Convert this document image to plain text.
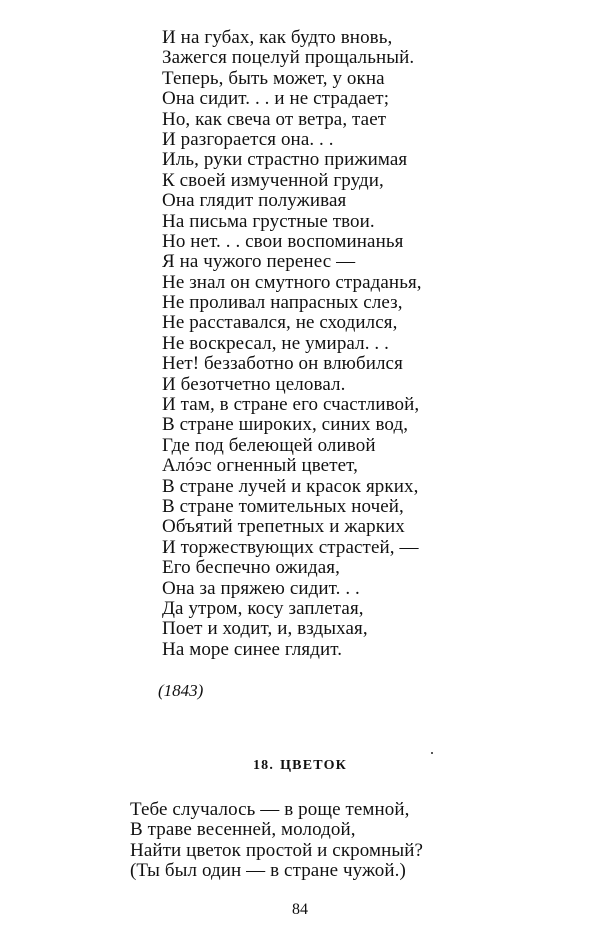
И на губах, как будто вновь,
Зажегся поцелуй прощальный.
Теперь, быть может, у окна
Она сидит. . . и не страдает;
Но, как свеча от ветра, тает
И разгорается она. . .
Иль, руки страстно прижимая
К своей измученной груди,
Она глядит полуживая
На письма грустные твои.
Но нет. . . свои воспоминанья
Я на чужого перенес —
Не знал он смутного страданья,
Не проливал напрасных слез,
Не расставался, не сходился,
Не воскресал, не умирал. . .
Нет! беззаботно он влюбился
И безотчетно целовал.
И там, в стране его счастливой,
В стране широких, синих вод,
Где под белеющей оливой
Алóэс огненный цветет,
В стране лучей и красок ярких,
В стране томительных ночей,
Объятий трепетных и жарких
И торжествующих страстей, —
Его беспечно ожидая,
Она за пряжею сидит. . .
Да утром, косу заплетая,
Поет и ходит, и, вздыхая,
На море синее глядит.
(1843)
18. ЦВЕТОК
Тебе случалось — в роще темной,
В траве весенней, молодой,
Найти цветок простой и скромный?
(Ты был один — в стране чужой.)
84
